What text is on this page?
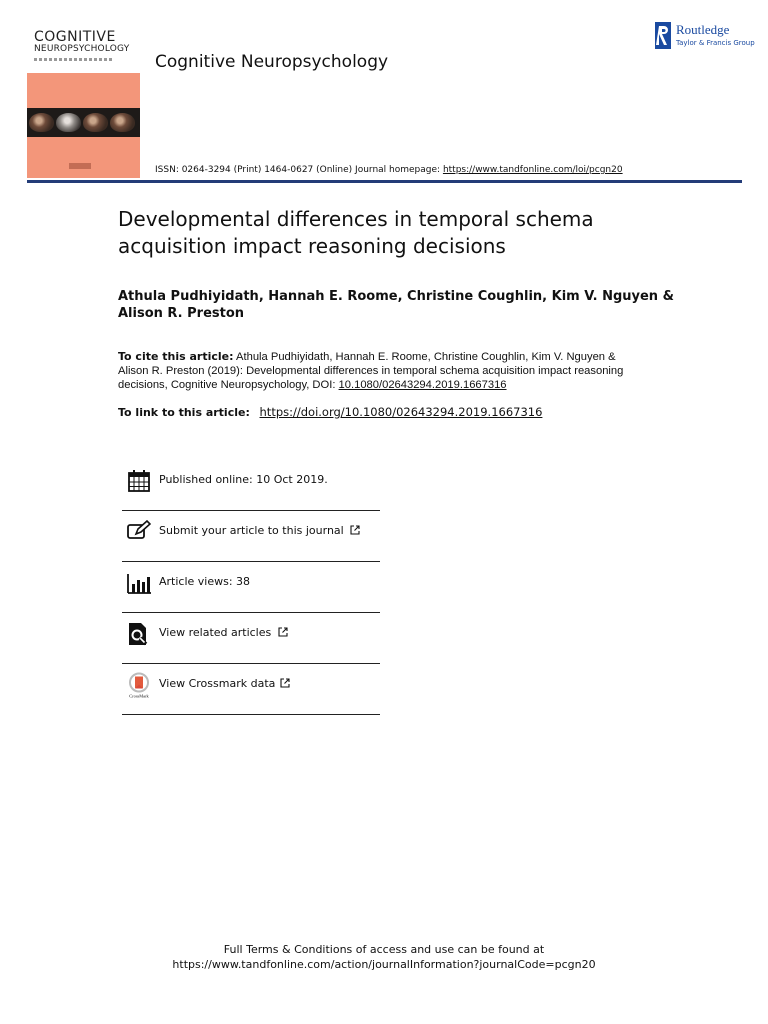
COGNITIVE
NEUROPSYCHOLOGY
Cognitive Neuropsychology
Routledge
Taylor & Francis Group
ISSN: 0264-3294 (Print) 1464-0627 (Online) Journal homepage: https://www.tandfonline.com/loi/pcgn20
Developmental differences in temporal schema acquisition impact reasoning decisions
Athula Pudhiyidath, Hannah E. Roome, Christine Coughlin, Kim V. Nguyen & Alison R. Preston
To cite this article: Athula Pudhiyidath, Hannah E. Roome, Christine Coughlin, Kim V. Nguyen & Alison R. Preston (2019): Developmental differences in temporal schema acquisition impact reasoning decisions, Cognitive Neuropsychology, DOI: 10.1080/02643294.2019.1667316
To link to this article: https://doi.org/10.1080/02643294.2019.1667316
Published online: 10 Oct 2019.
Submit your article to this journal
Article views: 38
View related articles
CrossMark
View Crossmark data
Full Terms & Conditions of access and use can be found at
https://www.tandfonline.com/action/journalInformation?journalCode=pcgn20
